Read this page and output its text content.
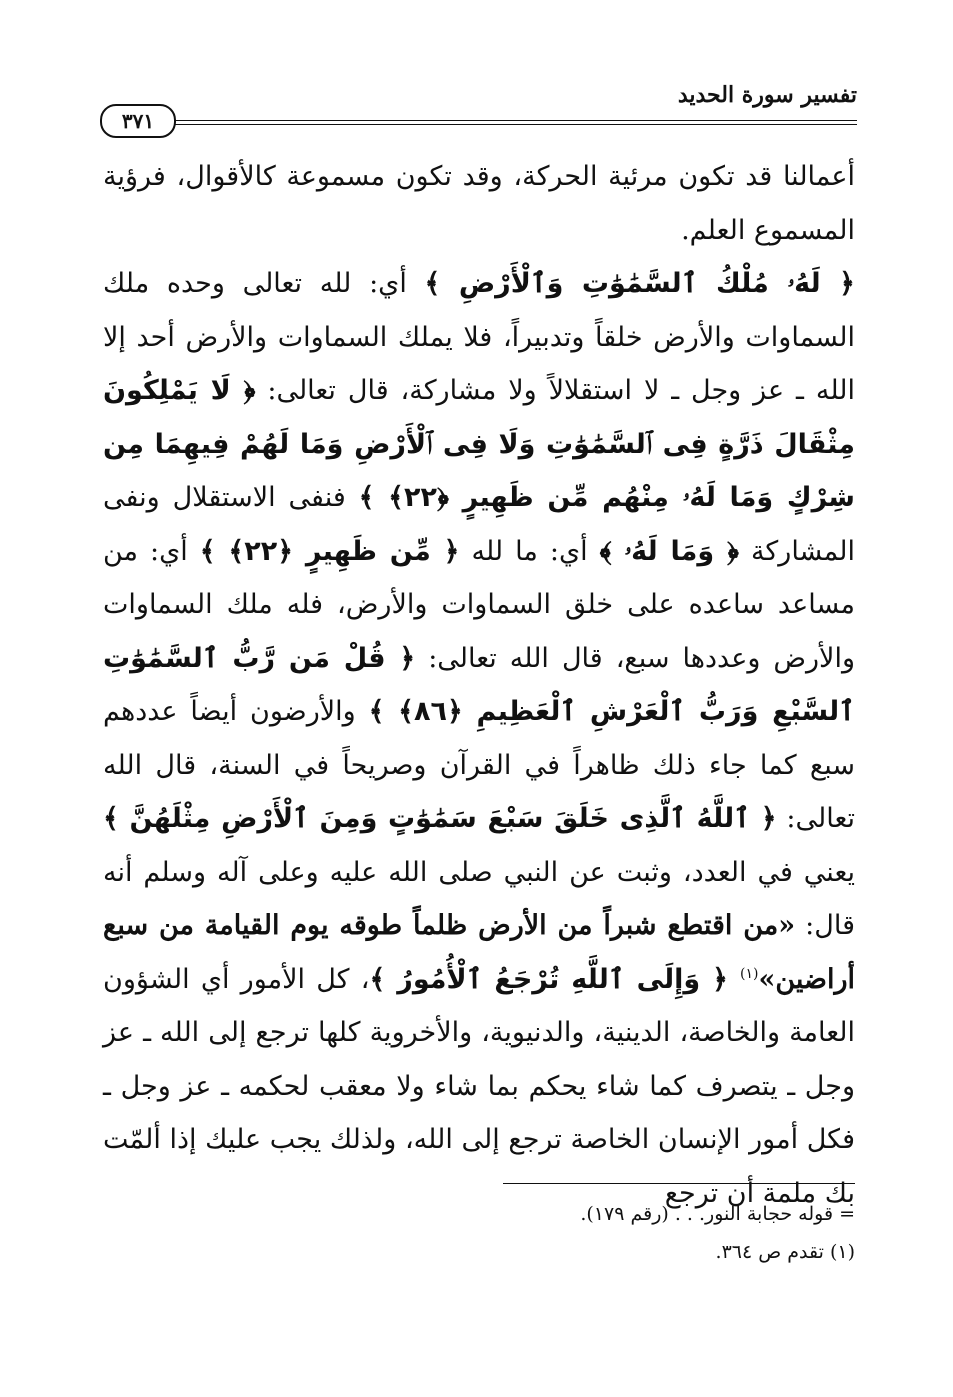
تفسير سورة الحديد
٣٧١

أعمالنا قد تكون مرئية الحركة، وقد تكون مسموعة كالأقوال، فرؤية المسموع العلم.

﴿ لَهُۥ مُلْكُ ٱلسَّمَٰوَٰتِ وَٱلْأَرْضِ ﴾ أي: لله تعالى وحده ملك السماوات والأرض خلقاً وتدبيراً، فلا يملك السماوات والأرض أحد إلا الله ـ عز وجل ـ لا استقلالاً ولا مشاركة، قال تعالى: ﴿ لَا يَمْلِكُونَ مِثْقَالَ ذَرَّةٍ فِى ٱلسَّمَٰوَٰتِ وَلَا فِى ٱلْأَرْضِ وَمَا لَهُمْ فِيهِمَا مِن شِرْكٍ وَمَا لَهُۥ مِنْهُم مِّن ظَهِيرٍ ﴿٢٢﴾ ﴾ فنفى الاستقلال ونفى المشاركة ﴿ وَمَا لَهُۥ ﴾ أي: ما لله ﴿ مِّن ظَهِيرٍ ﴿٢٢﴾ ﴾ أي: من مساعد ساعده على خلق السماوات والأرض، فله ملك السماوات والأرض وعددها سبع، قال الله تعالى: ﴿ قُلْ مَن رَّبُّ ٱلسَّمَٰوَٰتِ ٱلسَّبْعِ وَرَبُّ ٱلْعَرْشِ ٱلْعَظِيمِ ﴿٨٦﴾ ﴾ والأرضون أيضاً عددهم سبع كما جاء ذلك ظاهراً في القرآن وصريحاً في السنة، قال الله تعالى: ﴿ ٱللَّهُ ٱلَّذِى خَلَقَ سَبْعَ سَمَٰوَٰتٍ وَمِنَ ٱلْأَرْضِ مِثْلَهُنَّ ﴾ يعني في العدد، وثبت عن النبي صلى الله عليه وعلى آله وسلم أنه قال: «من اقتطع شبراً من الأرض ظلماً طوقه يوم القيامة من سبع أراضين»$^{(١)}$ ﴿ وَإِلَى ٱللَّهِ تُرْجَعُ ٱلْأُمُورُ ﴾، كل الأمور أي الشؤون العامة والخاصة، الدينية، والدنيوية، والأخروية كلها ترجع إلى الله ـ عز وجل ـ يتصرف كما شاء يحكم بما شاء ولا معقب لحكمه ـ عز وجل ـ فكل أمور الإنسان الخاصة ترجع إلى الله، ولذلك يجب عليك إذا ألمّت بك ملمة أن ترجع

= قوله حجابة النور. . . (رقم ١٧٩).
(١) تقدم ص ٣٦٤.
